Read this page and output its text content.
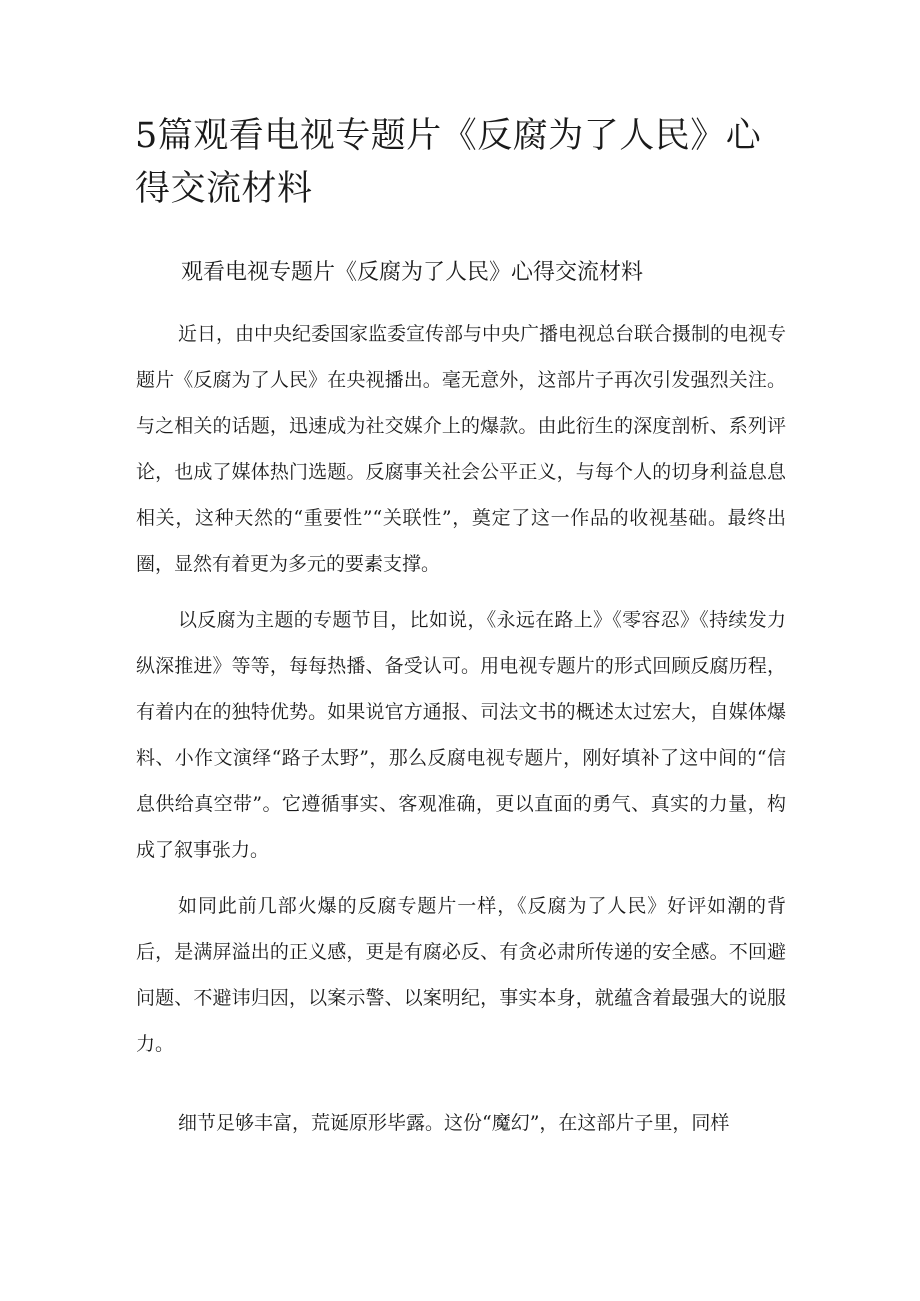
5篇观看电视专题片《反腐为了人民》心得交流材料
观看电视专题片《反腐为了人民》心得交流材料

近日，由中央纪委国家监委宣传部与中央广播电视总台联合摄制的电视专题片《反腐为了人民》在央视播出。毫无意外，这部片子再次引发强烈关注。与之相关的话题，迅速成为社交媒介上的爆款。由此衍生的深度剖析、系列评论，也成了媒体热门选题。反腐事关社会公平正义，与每个人的切身利益息息相关，这种天然的“重要性”“关联性”，奠定了这一作品的收视基础。最终出圈，显然有着更为多元的要素支撑。

以反腐为主题的专题节目，比如说，《永远在路上》《零容忍》《持续发力纵深推进》等等，每每热播、备受认可。用电视专题片的形式回顾反腐历程，有着内在的独特优势。如果说官方通报、司法文书的概述太过宏大，自媒体爆料、小作文演绎“路子太野”，那么反腐电视专题片，刚好填补了这中间的“信息供给真空带”。它遵循事实、客观准确，更以直面的勇气、真实的力量，构成了叙事张力。

如同此前几部火爆的反腐专题片一样，《反腐为了人民》好评如潮的背后，是满屏溢出的正义感，更是有腐必反、有贪必肃所传递的安全感。不回避问题、不避讳归因，以案示警、以案明纪，事实本身，就蕴含着最强大的说服力。

细节足够丰富，荒诞原形毕露。这份“魔幻”，在这部片子里，同样
